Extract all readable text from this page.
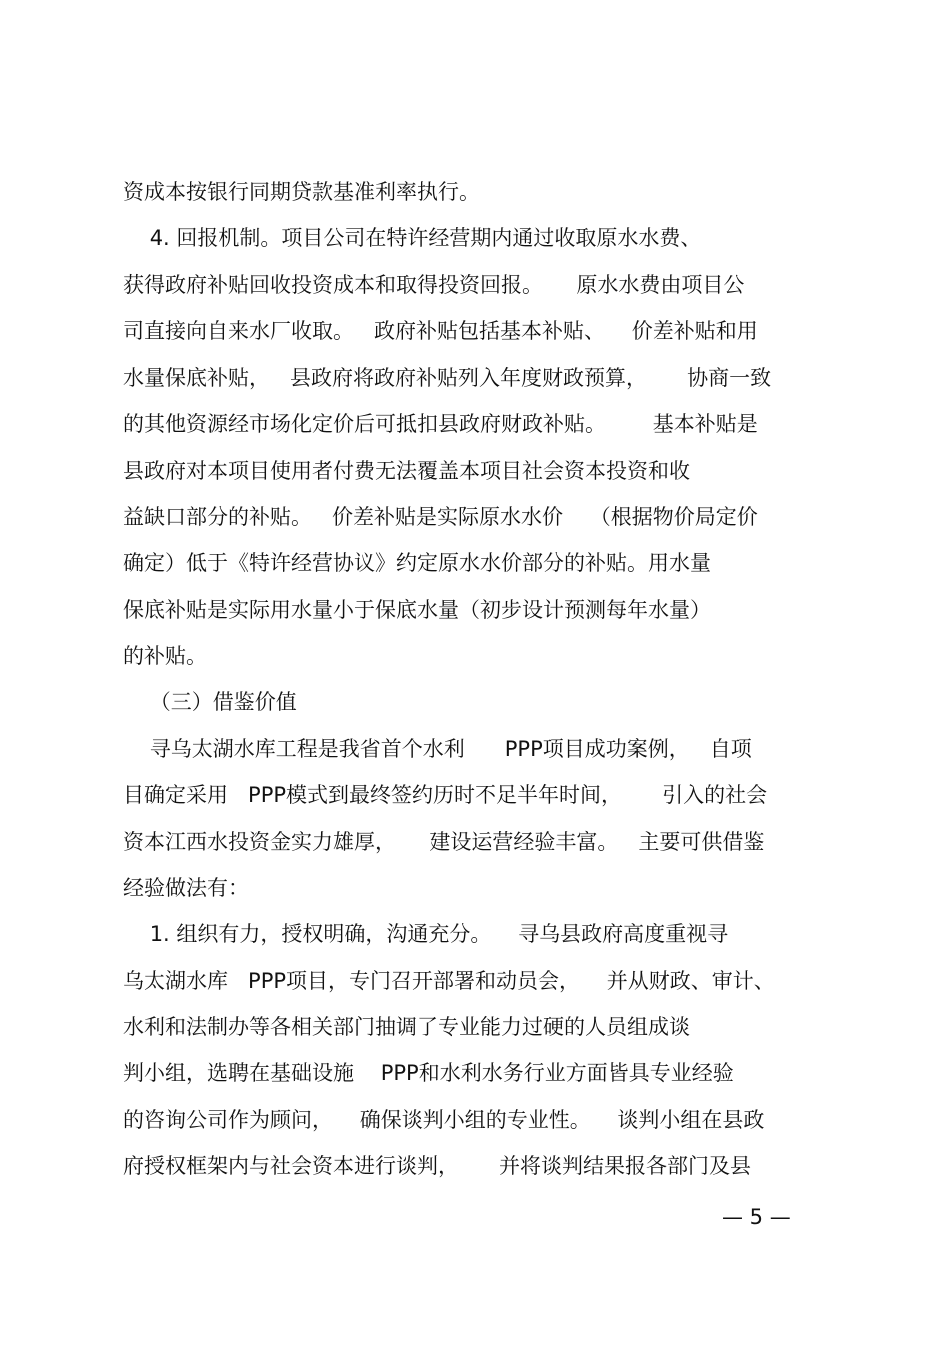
资成本按银行同期贷款基准利率执行。

4. 回报机制。项目公司在特许经营期内通过收取原水水费、

获得政府补贴回收投资成本和取得投资回报。     原水水费由项目公

司直接向自来水厂收取。   政府补贴包括基本补贴、    价差补贴和用

水量保底补贴，   县政府将政府补贴列入年度财政预算，      协商一致

的其他资源经市场化定价后可抵扣县政府财政补贴。       基本补贴是

县政府对本项目使用者付费无法覆盖本项目社会资本投资和收

益缺口部分的补贴。   价差补贴是实际原水水价    （根据物价局定价

确定）低于《特许经营协议》约定原水水价部分的补贴。用水量

保底补贴是实际用水量小于保底水量（初步设计预测每年水量）

的补贴。

（三）借鉴价值

寻乌太湖水库工程是我省首个水利      PPP项目成功案例，   自项

目确定采用   PPP模式到最终签约历时不足半年时间，      引入的社会

资本江西水投资金实力雄厚，     建设运营经验丰富。   主要可供借鉴

经验做法有：

1. 组织有力，授权明确，沟通充分。    寻乌县政府高度重视寻

乌太湖水库   PPP项目，专门召开部署和动员会，    并从财政、审计、

水利和法制办等各相关部门抽调了专业能力过硬的人员组成谈

判小组，选聘在基础设施    PPP和水利水务行业方面皆具专业经验

的咨询公司作为顾问，    确保谈判小组的专业性。    谈判小组在县政

府授权框架内与社会资本进行谈判，      并将谈判结果报各部门及县

— 5 —
